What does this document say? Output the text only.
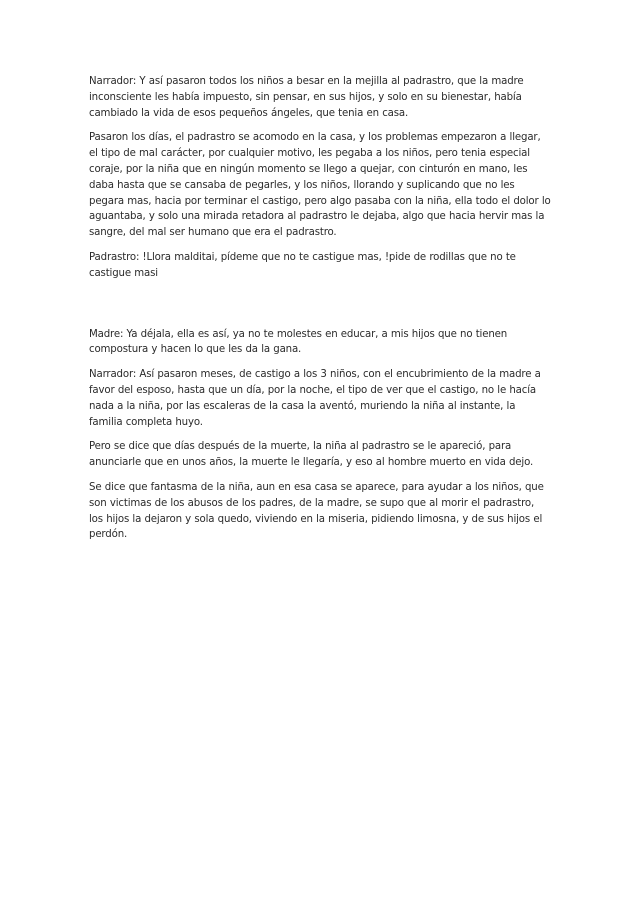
Narrador: Y así pasaron todos los niños a besar en la mejilla al padrastro, que la madre inconsciente les había impuesto, sin pensar, en sus hijos, y solo en su bienestar, había cambiado la vida de esos pequeños ángeles, que tenia en casa.

Pasaron los días, el padrastro se acomodo en la casa, y los problemas empezaron a llegar, el tipo de mal carácter, por cualquier motivo, les pegaba a los niños, pero tenia especial coraje, por la niña que en ningún momento se llego a quejar, con cinturón en mano, les daba hasta que se cansaba de pegarles, y los niños, llorando y suplicando que no les pegara mas, hacia por terminar el castigo, pero algo pasaba con la niña, ella todo el dolor lo aguantaba, y solo una mirada retadora al padrastro le dejaba, algo que hacia hervir mas la sangre, del mal ser humano que era el padrastro.

Padrastro: !Llora malditai, pídeme que no te castigue mas, !pide de rodillas que no te castigue masi

Madre: Ya déjala, ella es así, ya no te molestes en educar, a mis hijos que no tienen compostura y hacen lo que les da la gana.

Narrador: Así pasaron meses, de castigo a los 3 niños, con el encubrimiento de la madre a favor del esposo, hasta que un día, por la noche, el tipo de ver que el castigo, no le hacía nada a la niña, por las escaleras de la casa la aventó, muriendo la niña al instante, la familia completa huyo.

Pero se dice que días después de la muerte, la niña al padrastro se le apareció, para anunciarle que en unos años, la muerte le llegaría, y eso al hombre muerto en vida dejo.

Se dice que fantasma de la niña, aun en esa casa se aparece, para ayudar a los niños, que son victimas de los abusos de los padres, de la madre, se supo que al morir el padrastro, los hijos la dejaron y sola quedo, viviendo en la miseria, pidiendo limosna, y de sus hijos el perdón.
